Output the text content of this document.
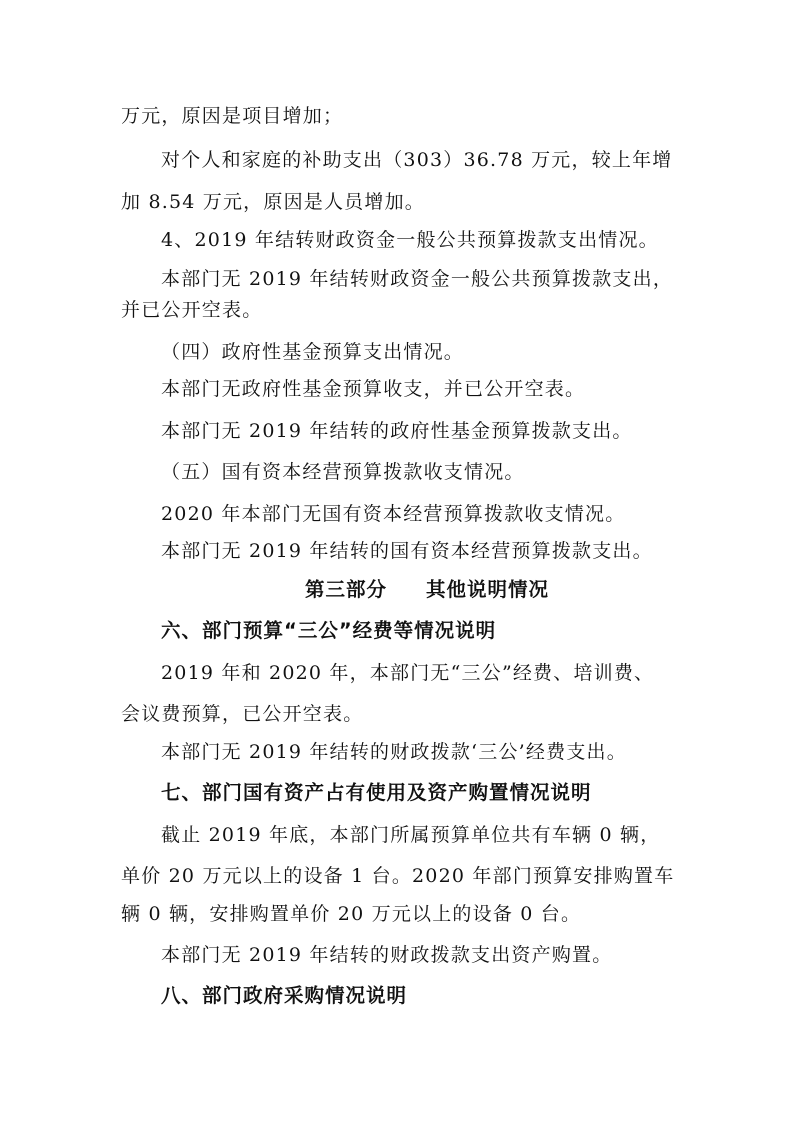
万元，原因是项目增加；
对个人和家庭的补助支出（303）36.78 万元，较上年增
加 8.54 万元，原因是人员增加。
4、2019 年结转财政资金一般公共预算拨款支出情况。
本部门无 2019 年结转财政资金一般公共预算拨款支出，
并已公开空表。
（四）政府性基金预算支出情况。
本部门无政府性基金预算收支，并已公开空表。
本部门无 2019 年结转的政府性基金预算拨款支出。
（五）国有资本经营预算拨款收支情况。
2020 年本部门无国有资本经营预算拨款收支情况。
本部门无 2019 年结转的国有资本经营预算拨款支出。
第三部分     其他说明情况
六、部门预算“三公”经费等情况说明
2019 年和 2020 年，本部门无“三公”经费、培训费、
会议费预算，已公开空表。
本部门无 2019 年结转的财政拨款‘三公’经费支出。
七、部门国有资产占有使用及资产购置情况说明
截止 2019 年底，本部门所属预算单位共有车辆 0 辆，
单价 20 万元以上的设备 1 台。2020 年部门预算安排购置车
辆 0 辆，安排购置单价 20 万元以上的设备 0 台。
本部门无 2019 年结转的财政拨款支出资产购置。
八、部门政府采购情况说明
